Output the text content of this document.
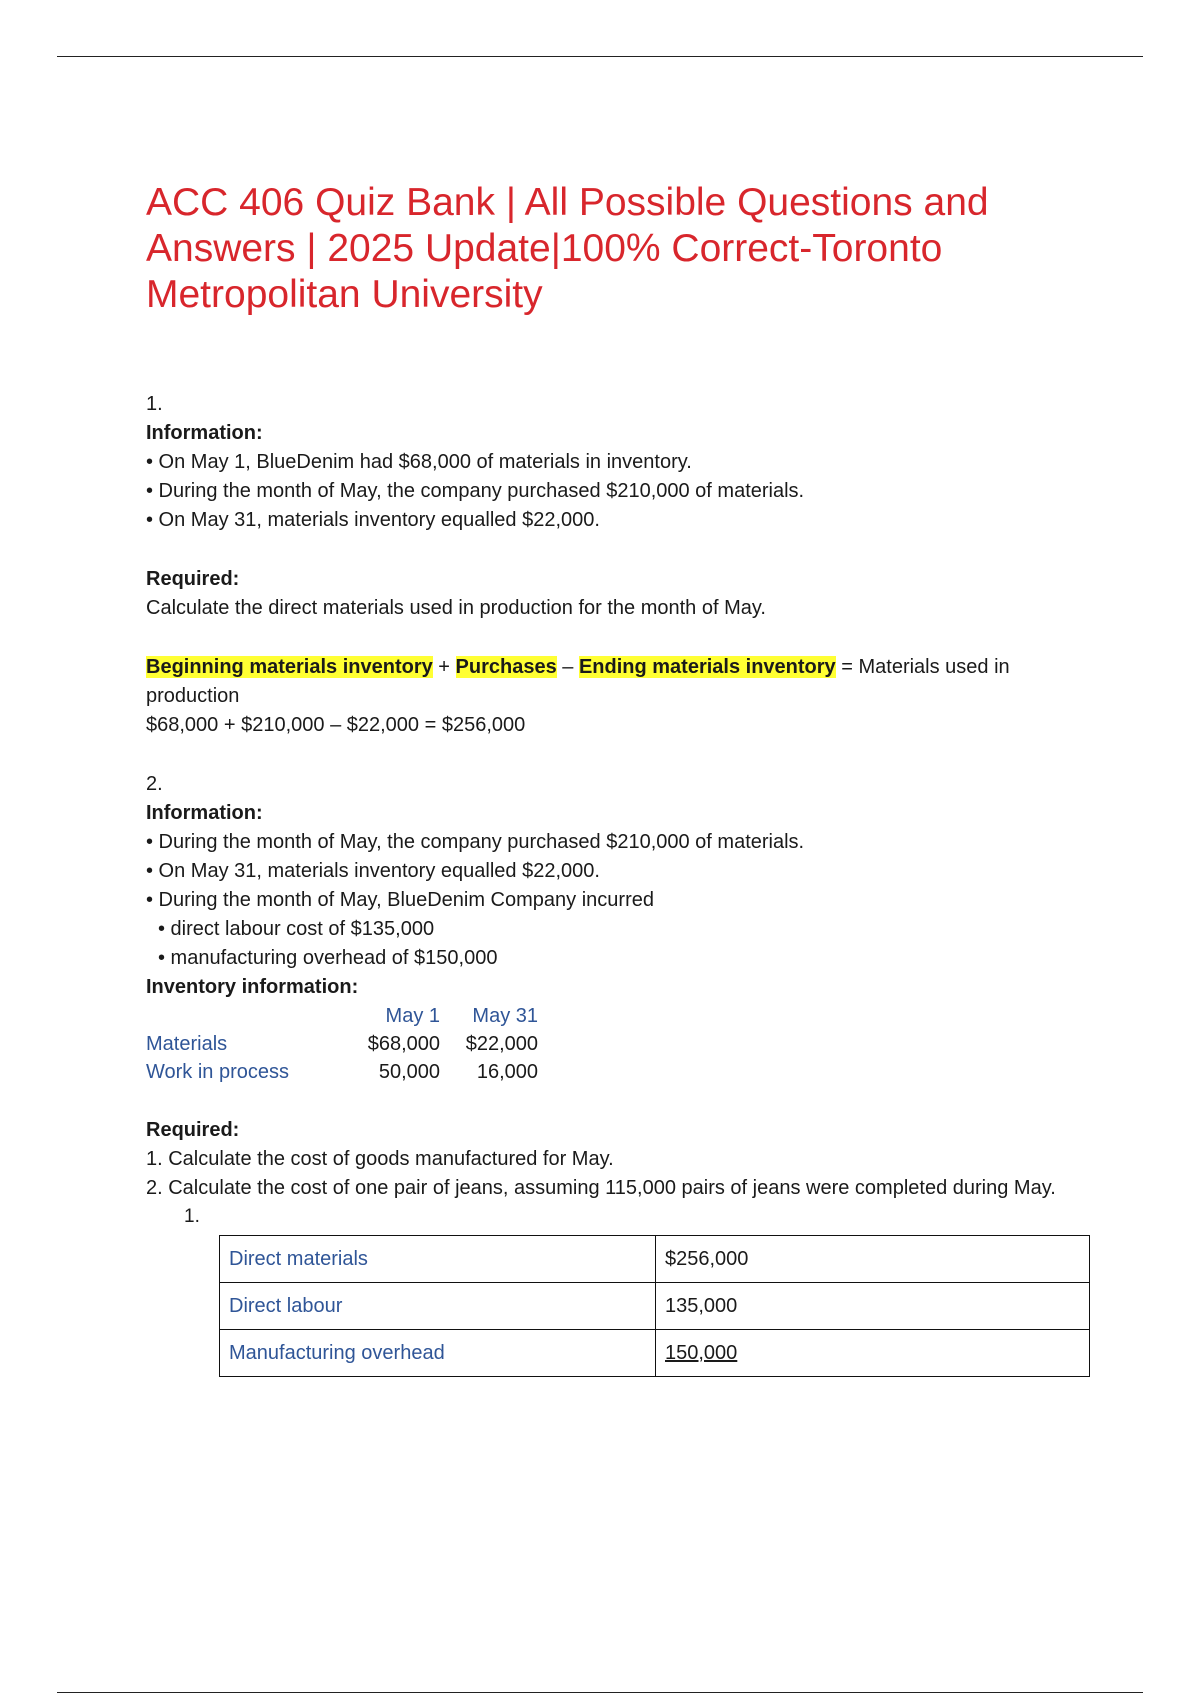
ACC 406 Quiz Bank | All Possible Questions and Answers | 2025 Update|100% Correct-Toronto Metropolitan University

1.

Information:

• On May 1, BlueDenim had $68,000 of materials in inventory.

• During the month of May, the company purchased $210,000 of materials.

• On May 31, materials inventory equalled $22,000.

Required:

Calculate the direct materials used in production for the month of May.

Beginning materials inventory + Purchases – Ending materials inventory = Materials used in production

$68,000 + $210,000 – $22,000 = $256,000

2.

Information:

• During the month of May, the company purchased $210,000 of materials.

• On May 31, materials inventory equalled $22,000.

• During the month of May, BlueDenim Company incurred

• direct labour cost of $135,000

• manufacturing overhead of $150,000

Inventory information:

	May 1	May 31
Materials	$68,000	$22,000
Work in process	50,000	16,000

Required:

1. Calculate the cost of goods manufactured for May.

2. Calculate the cost of one pair of jeans, assuming 115,000 pairs of jeans were completed during May.

1.

Direct materials	$256,000
Direct labour	135,000
Manufacturing overhead	150,000
